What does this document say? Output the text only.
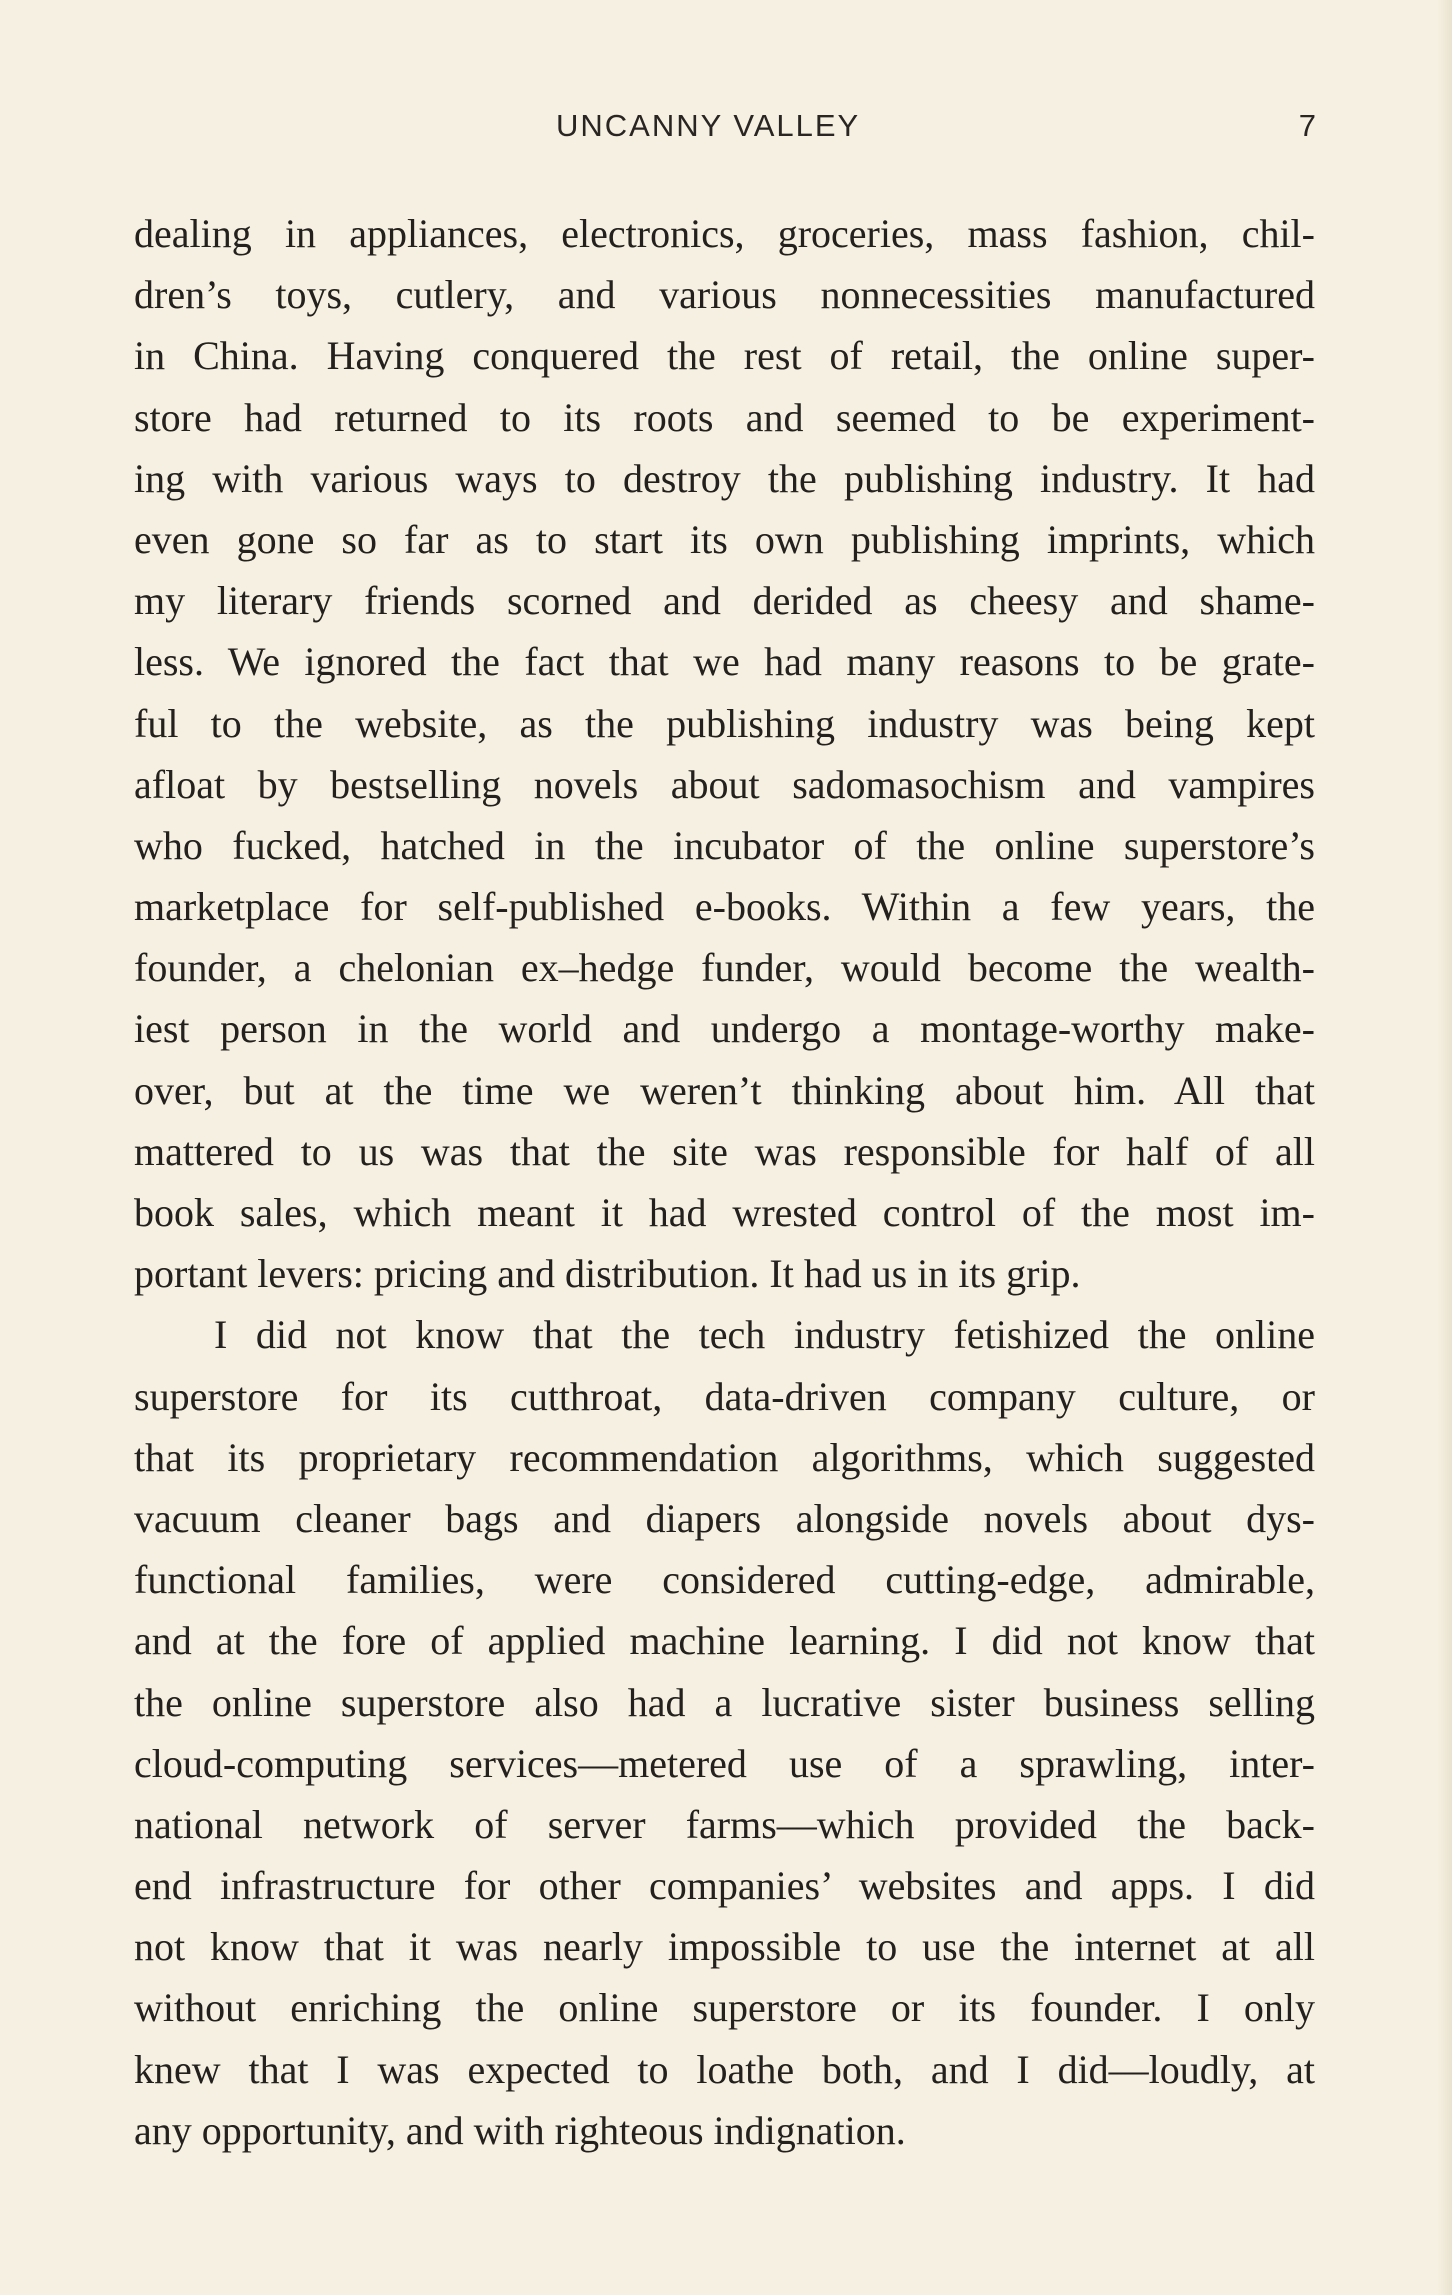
UNCANNY VALLEY	7
dealing in appliances, electronics, groceries, mass fashion, chil-
dren’s toys, cutlery, and various nonnecessities manufactured
in China. Having conquered the rest of retail, the online super-
store had returned to its roots and seemed to be experiment-
ing with various ways to destroy the publishing industry. It had
even gone so far as to start its own publishing imprints, which
my literary friends scorned and derided as cheesy and shame-
less. We ignored the fact that we had many reasons to be grate-
ful to the website, as the publishing industry was being kept
afloat by bestselling novels about sadomasochism and vampires
who fucked, hatched in the incubator of the online superstore’s
marketplace for self-published e-books. Within a few years, the
founder, a chelonian ex–hedge funder, would become the wealth-
iest person in the world and undergo a montage-worthy make-
over, but at the time we weren’t thinking about him. All that
mattered to us was that the site was responsible for half of all
book sales, which meant it had wrested control of the most im-
portant levers: pricing and distribution. It had us in its grip.
I did not know that the tech industry fetishized the online
superstore for its cutthroat, data-driven company culture, or
that its proprietary recommendation algorithms, which suggested
vacuum cleaner bags and diapers alongside novels about dys-
functional families, were considered cutting-edge, admirable,
and at the fore of applied machine learning. I did not know that
the online superstore also had a lucrative sister business selling
cloud-computing services—metered use of a sprawling, inter-
national network of server farms—which provided the back-
end infrastructure for other companies’ websites and apps. I did
not know that it was nearly impossible to use the internet at all
without enriching the online superstore or its founder. I only
knew that I was expected to loathe both, and I did—loudly, at
any opportunity, and with righteous indignation.
